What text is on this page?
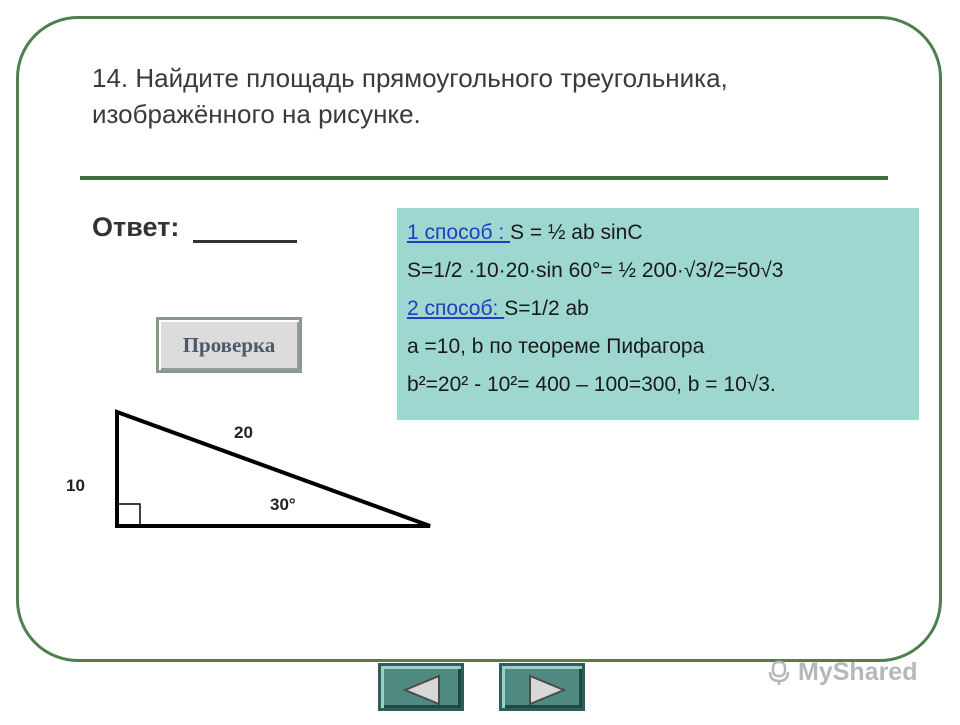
14. Найдите площадь прямоугольного треугольника,
изображённого на рисунке.
Ответ:
Проверка
1 способ : S = ½ ab sinC
S=1/2 ·10·20·sin 60°= ½ 200·√3/2=50√3
2 способ: S=1/2 ab
a =10, b по теореме Пифагора
b²=20² - 10²= 400 – 100=300, b = 10√3.
20
10
30°
MyShared
